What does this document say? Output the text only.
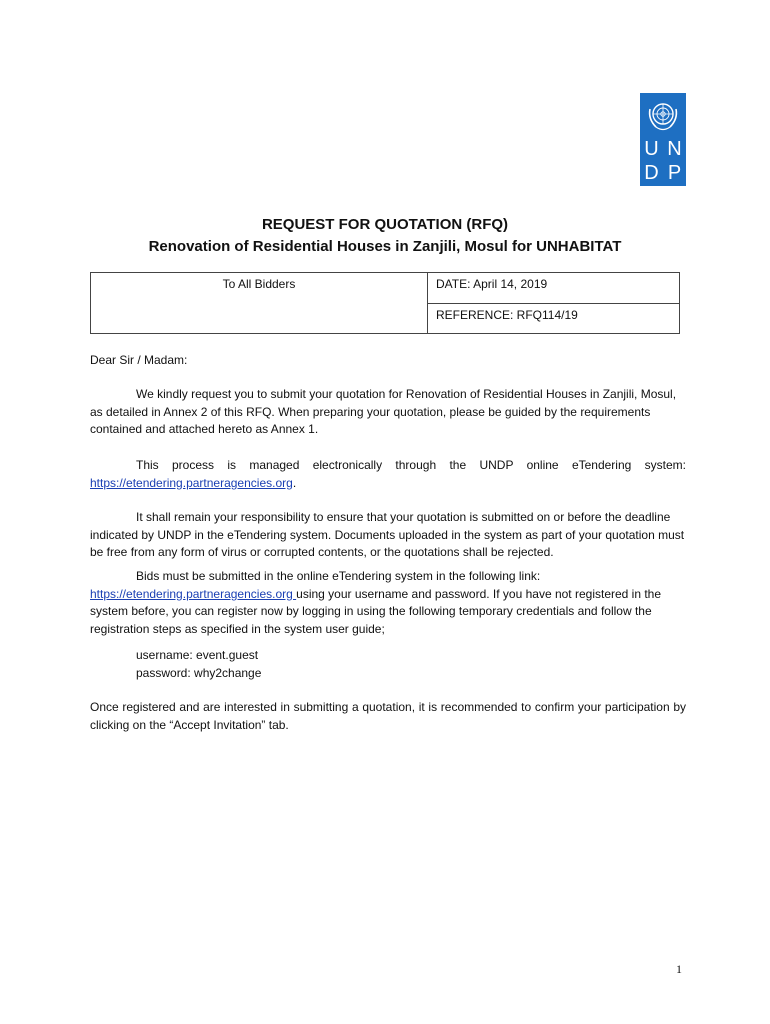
U N
D P
REQUEST FOR QUOTATION (RFQ)
Renovation of Residential Houses in Zanjili, Mosul for UNHABITAT
To All Bidders	DATE: April 14, 2019
REFERENCE: RFQ114/19
Dear Sir / Madam:
We kindly request you to submit your quotation for Renovation of Residential Houses in Zanjili, Mosul, as detailed in Annex 2 of this RFQ. When preparing your quotation, please be guided by the requirements contained and attached hereto as Annex 1.
This process is managed electronically through the UNDP online eTendering system:
https://etendering.partneragencies.org.
It shall remain your responsibility to ensure that your quotation is submitted on or before the deadline indicated by UNDP in the eTendering system. Documents uploaded in the system as part of your quotation must be free from any form of virus or corrupted contents, or the quotations shall be rejected.
Bids must be submitted in the online eTendering system in the following link:
https://etendering.partneragencies.org using your username and password. If you have not registered in the system before, you can register now by logging in using the following temporary credentials and follow the registration steps as specified in the system user guide;
username: event.guest
password: why2change
Once registered and are interested in submitting a quotation, it is recommended to confirm your participation by clicking on the “Accept Invitation” tab.
1
